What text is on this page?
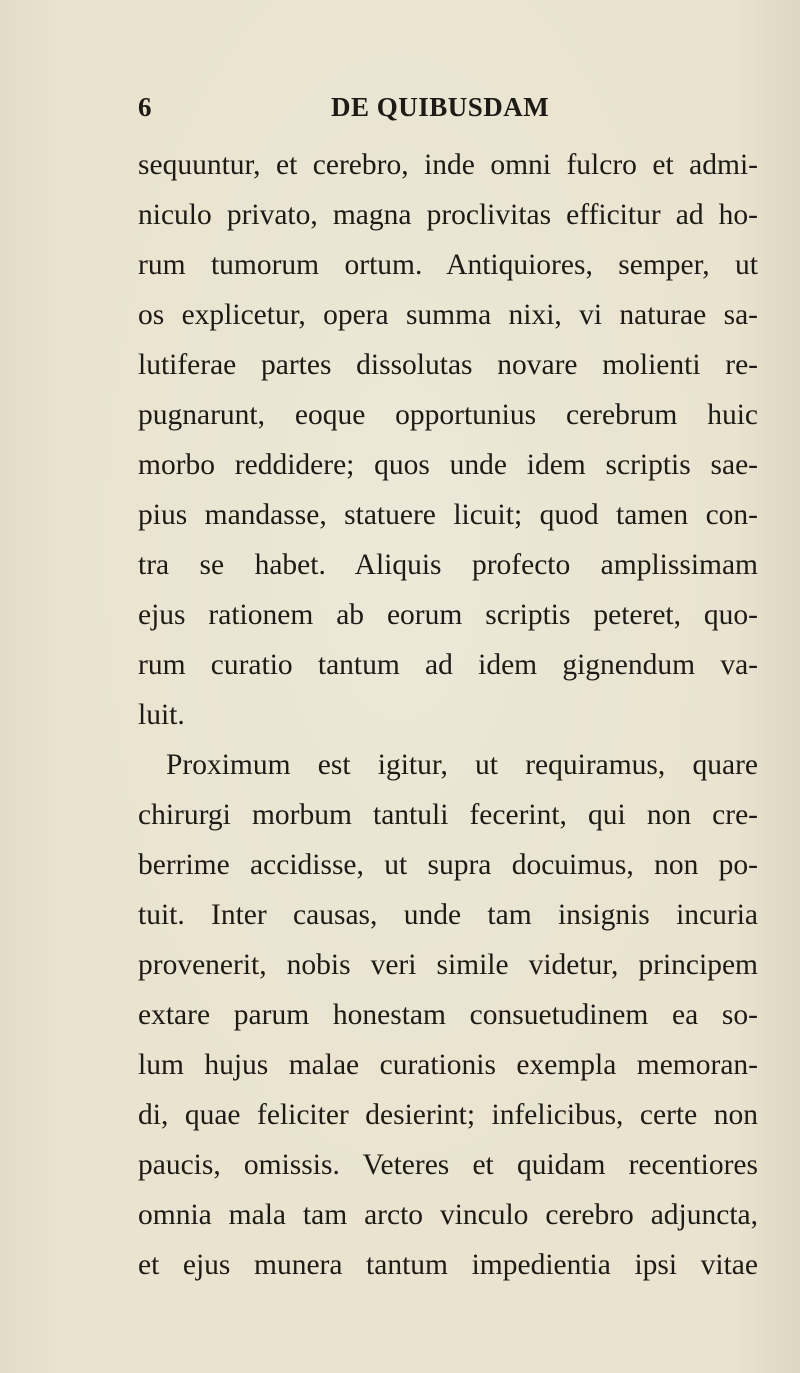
6	DE QUIBUSDAM
sequuntur, et cerebro, inde omni fulcro et admi-
niculo privato, magna proclivitas efficitur ad ho-
rum tumorum ortum. Antiquiores, semper, ut
os explicetur, opera summa nixi, vi naturae sa-
lutiferae partes dissolutas novare molienti re-
pugnarunt, eoque opportunius cerebrum huic
morbo reddidere; quos unde idem scriptis sae-
pius mandasse, statuere licuit; quod tamen con-
tra se habet. Aliquis profecto amplissimam
ejus rationem ab eorum scriptis peteret, quo-
rum curatio tantum ad idem gignendum va-
luit.
Proximum est igitur, ut requiramus, quare
chirurgi morbum tantuli fecerint, qui non cre-
berrime accidisse, ut supra docuimus, non po-
tuit. Inter causas, unde tam insignis incuria
provenerit, nobis veri simile videtur, principem
extare parum honestam consuetudinem ea so-
lum hujus malae curationis exempla memoran-
di, quae feliciter desierint; infelicibus, certe non
paucis, omissis. Veteres et quidam recentiores
omnia mala tam arcto vinculo cerebro adjuncta,
et ejus munera tantum impedientia ipsi vitae
